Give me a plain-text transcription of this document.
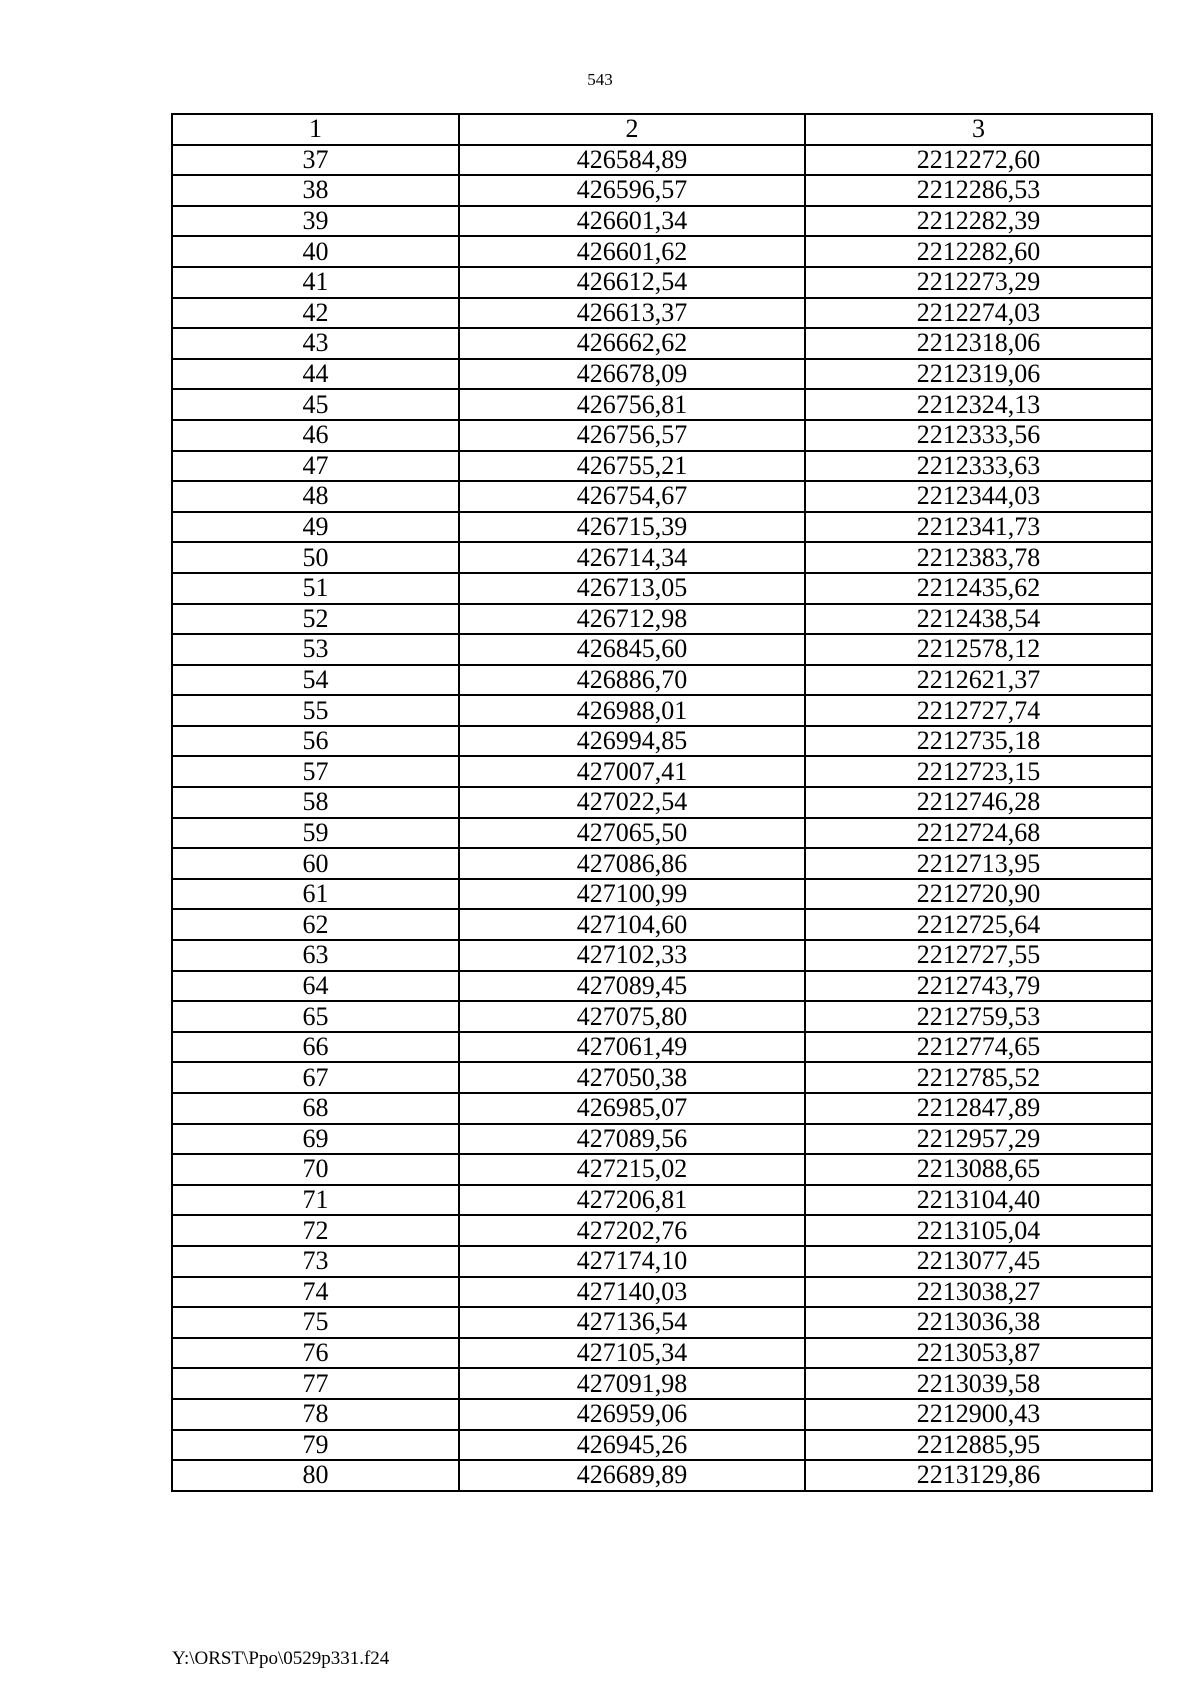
543
1	2	3
37	426584,89	2212272,60
38	426596,57	2212286,53
39	426601,34	2212282,39
40	426601,62	2212282,60
41	426612,54	2212273,29
42	426613,37	2212274,03
43	426662,62	2212318,06
44	426678,09	2212319,06
45	426756,81	2212324,13
46	426756,57	2212333,56
47	426755,21	2212333,63
48	426754,67	2212344,03
49	426715,39	2212341,73
50	426714,34	2212383,78
51	426713,05	2212435,62
52	426712,98	2212438,54
53	426845,60	2212578,12
54	426886,70	2212621,37
55	426988,01	2212727,74
56	426994,85	2212735,18
57	427007,41	2212723,15
58	427022,54	2212746,28
59	427065,50	2212724,68
60	427086,86	2212713,95
61	427100,99	2212720,90
62	427104,60	2212725,64
63	427102,33	2212727,55
64	427089,45	2212743,79
65	427075,80	2212759,53
66	427061,49	2212774,65
67	427050,38	2212785,52
68	426985,07	2212847,89
69	427089,56	2212957,29
70	427215,02	2213088,65
71	427206,81	2213104,40
72	427202,76	2213105,04
73	427174,10	2213077,45
74	427140,03	2213038,27
75	427136,54	2213036,38
76	427105,34	2213053,87
77	427091,98	2213039,58
78	426959,06	2212900,43
79	426945,26	2212885,95
80	426689,89	2213129,86
Y:\ORST\Ppo\0529p331.f24
